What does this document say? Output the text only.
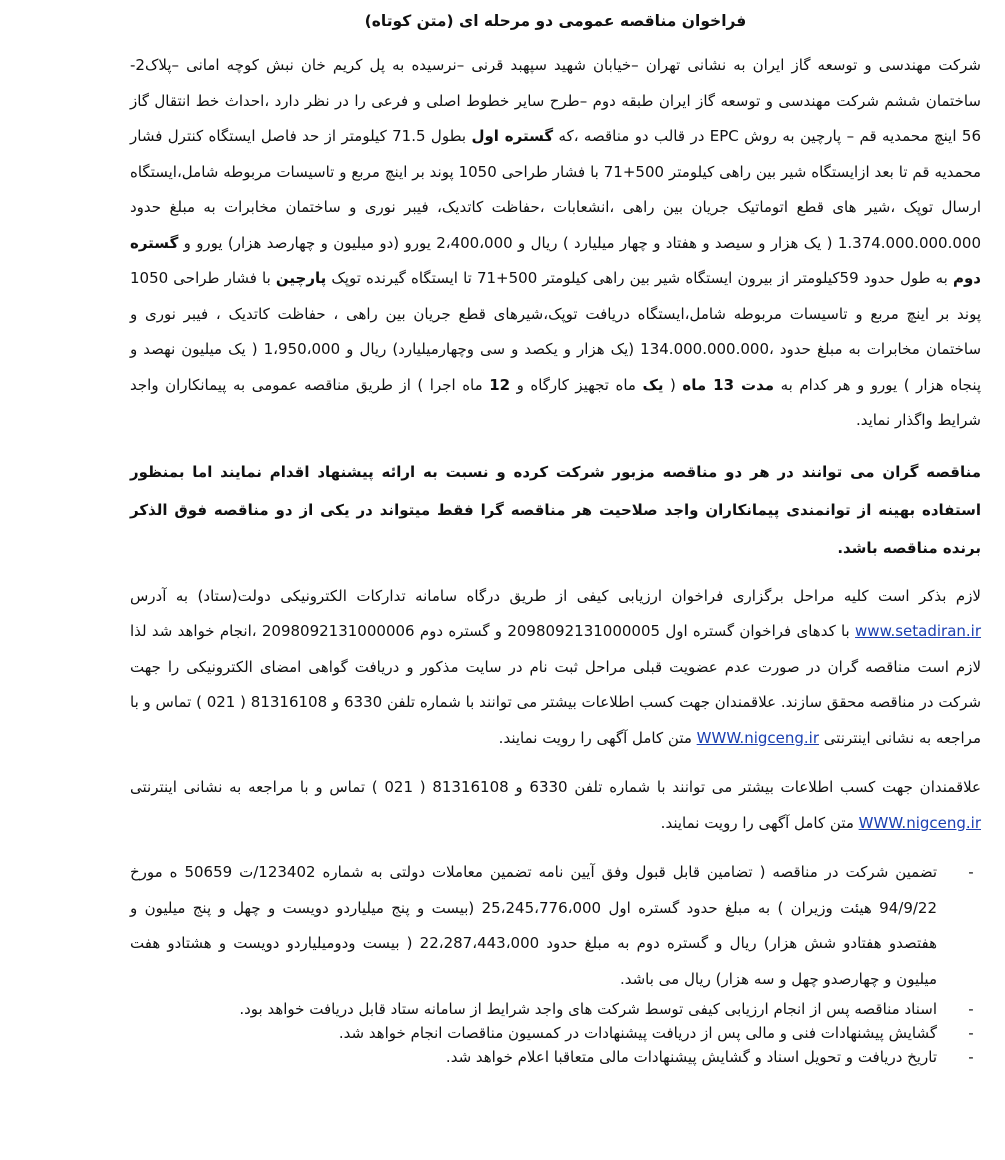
فراخوان مناقصه عمومی دو مرحله ای (متن کوتاه)

شرکت مهندسی و توسعه گاز ایران به نشانی تهران –خیابان شهید سپهبد قرنی –نرسیده به پل کریم خان نبش کوچه امانی –پلاک2- ساختمان ششم شرکت مهندسی و توسعه گاز ایران طبقه دوم –طرح سایر خطوط اصلی و فرعی را در نظر دارد ،احداث خط انتقال گاز 56 اینچ محمدیه قم – پارچین به روش EPC در قالب دو مناقصه ،که گستره اول بطول 71.5 کیلومتر از حد فاصل ایستگاه کنترل فشار محمدیه قم تا بعد ازایستگاه شیر بین راهی کیلومتر 500+71 با فشار طراحی 1050 پوند بر اینچ مربع و تاسیسات مربوطه شامل،ایستگاه ارسال توپک ،شیر های قطع اتوماتیک جریان بین راهی ،انشعابات ،حفاظت کاتدیک، فیبر نوری و ساختمان مخابرات به مبلغ حدود 1.374.000.000.000 ( یک هزار و سیصد و هفتاد و چهار میلیارد ) ریال و 2،400،000 یورو (دو میلیون و چهارصد هزار) یورو و گستره دوم به طول حدود 59کیلومتر از بیرون ایستگاه شیر بین راهی کیلومتر 500+71 تا ایستگاه گیرنده توپک پارچین با فشار طراحی 1050 پوند بر اینچ مربع و تاسیسات مربوطه شامل،ایستگاه دریافت توپک،شیرهای قطع جریان بین راهی ، حفاظت کاتدیک ، فیبر نوری و ساختمان مخابرات به مبلغ حدود ،134.000.000.000 (یک هزار و یکصد و سی وچهارمیلیارد) ریال و 1،950،000 ( یک میلیون نهصد و پنجاه هزار ) یورو و هر کدام به مدت 13 ماه ( یک ماه تجهیز کارگاه و 12 ماه اجرا ) از طریق مناقصه عمومی به پیمانکاران واجد شرایط واگذار نماید.

مناقصه گران می توانند در هر دو مناقصه مزبور شرکت کرده و نسبت به ارائه پیشنهاد اقدام نمایند اما بمنظور استفاده بهینه از توانمندی پیمانکاران واجد صلاحیت هر مناقصه گرا فقط میتواند در یکی از دو مناقصه فوق الذکر برنده مناقصه باشد.

لازم بذکر است کلیه مراحل برگزاری فراخوان ارزیابی کیفی از طریق درگاه سامانه تدارکات الکترونیکی دولت(ستاد) به آدرس www.setadiran.ir با کدهای فراخوان گستره اول 2098092131000005 و گستره دوم 2098092131000006 ،انجام خواهد شد لذا لازم است مناقصه گران در صورت عدم عضویت قبلی مراحل ثبت نام در سایت مذکور و دریافت گواهی امضای الکترونیکی را جهت شرکت در مناقصه محقق سازند. علاقمندان جهت کسب اطلاعات بیشتر می توانند با شماره تلفن 6330 و 81316108 ( 021 ) تماس و با مراجعه به نشانی اینترنتی WWW.nigceng.ir متن کامل آگهی را رویت نمایند.

علاقمندان جهت کسب اطلاعات بیشتر می توانند با شماره تلفن 6330 و 81316108 ( 021 ) تماس و با مراجعه به نشانی اینترنتی WWW.nigceng.ir متن کامل آگهی را رویت نمایند.

-
تضمین شرکت در مناقصه ( تضامین قابل قبول وفق آیین نامه تضمین معاملات دولتی به شماره 123402/ت 50659 ه مورخ 94/9/22 هیئت وزیران ) به مبلغ حدود گستره اول 25،245،776،000 (بیست و پنج میلیاردو دویست و چهل و پنج میلیون و هفتصدو هفتادو شش هزار) ریال و گستره دوم به مبلغ حدود 22،287،443،000 ( بیست ودومیلیاردو دویست و هشتادو هفت میلیون و چهارصدو چهل و سه هزار) ریال می باشد.
-
اسناد مناقصه پس از انجام ارزیابی کیفی توسط شرکت های واجد شرایط از سامانه ستاد قابل دریافت خواهد بود.
-
گشایش پیشنهادات فنی و مالی پس از دریافت پیشنهادات در کمسیون مناقصات انجام خواهد شد.
-
تاریخ دریافت و تحویل اسناد و گشایش پیشنهادات مالی متعاقبا اعلام خواهد شد.
